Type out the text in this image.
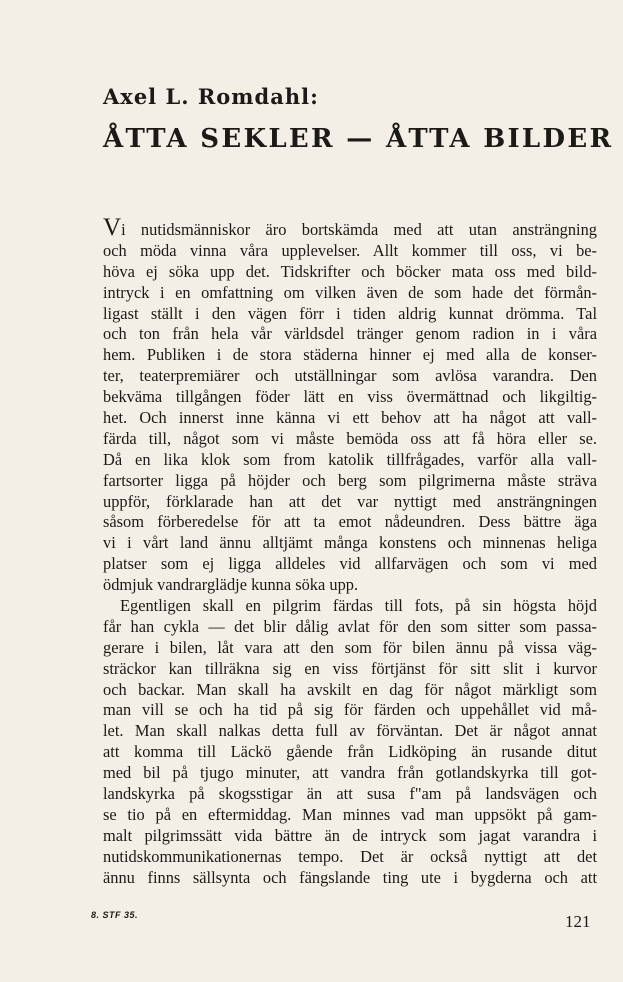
Axel L. Romdahl:
ÅTTA SEKLER — ÅTTA BILDER
Vi nutidsmänniskor äro bortskämda med att utan ansträngning
och möda vinna våra upplevelser. Allt kommer till oss, vi be-
höva ej söka upp det. Tidskrifter och böcker mata oss med bild-
intryck i en omfattning om vilken även de som hade det förmån-
ligast ställt i den vägen förr i tiden aldrig kunnat drömma. Tal
och ton från hela vår världsdel tränger genom radion in i våra
hem. Publiken i de stora städerna hinner ej med alla de konser-
ter, teaterpremiärer och utställningar som avlösa varandra. Den
bekväma tillgången föder lätt en viss övermättnad och likgiltig-
het. Och innerst inne känna vi ett behov att ha något att vall-
färda till, något som vi måste bemöda oss att få höra eller se.
Då en lika klok som from katolik tillfrågades, varför alla vall-
fartsorter ligga på höjder och berg som pilgrimerna måste sträva
uppför, förklarade han att det var nyttigt med ansträngningen
såsom förberedelse för att ta emot nådeundren. Dess bättre äga
vi i vårt land ännu alltjämt många konstens och minnenas heliga
platser som ej ligga alldeles vid allfarvägen och som vi med
ödmjuk vandrarglädje kunna söka upp.
Egentligen skall en pilgrim färdas till fots, på sin högsta höjd
får han cykla — det blir dålig avlat för den som sitter som passa-
gerare i bilen, låt vara att den som för bilen ännu på vissa väg-
sträckor kan tillräkna sig en viss förtjänst för sitt slit i kurvor
och backar. Man skall ha avskilt en dag för något märkligt som
man vill se och ha tid på sig för färden och uppehållet vid må-
let. Man skall nalkas detta full av förväntan. Det är något annat
att komma till Läckö gående från Lidköping än rusande ditut
med bil på tjugo minuter, att vandra från gotlandskyrka till got-
landskyrka på skogsstigar än att susa f"am på landsvägen och
se tio på en eftermiddag. Man minnes vad man uppsökt på gam-
malt pilgrimssätt vida bättre än de intryck som jagat varandra i
nutidskommunikationernas tempo. Det är också nyttigt att det
ännu finns sällsynta och fängslande ting ute i bygderna och att
8. STF 35.	121
